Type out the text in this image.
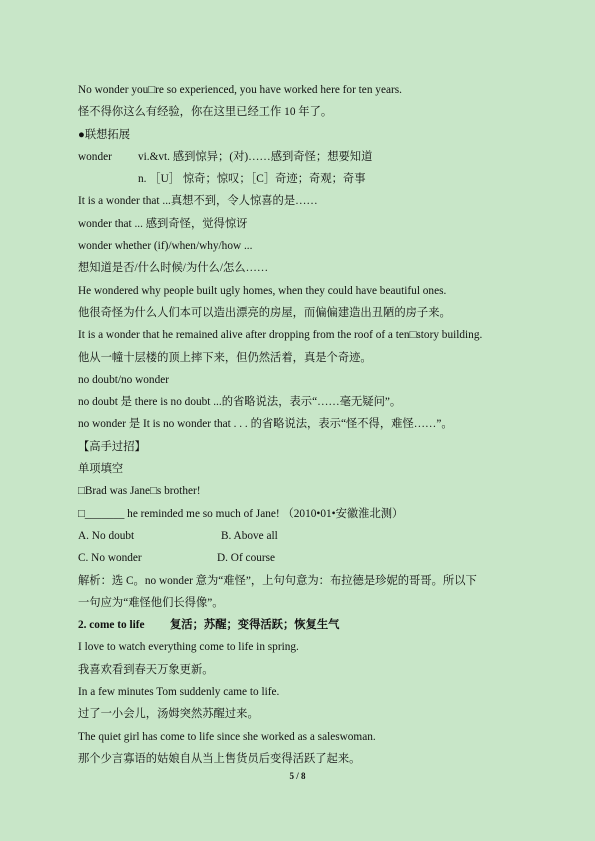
No wonder you□re so experienced, you have worked here for ten years.
怪不得你这么有经验，你在这里已经工作 10 年了。
●联想拓展
wonder vi.&vt. 感到惊异；(对)……感到奇怪；想要知道
n. ［U］ 惊奇；惊叹；［C］奇迹；奇观；奇事
It is a wonder that ...真想不到，令人惊喜的是……
wonder that ... 感到奇怪，觉得惊讶
wonder whether (if)/when/why/how ...
想知道是否/什么时候/为什么/怎么……
He wondered why people built ugly homes, when they could have beautiful ones.
他很奇怪为什么人们本可以造出漂亮的房屋，而偏偏建造出丑陋的房子来。
It is a wonder that he remained alive after dropping from the roof of a ten□story building.
他从一幢十层楼的顶上摔下来，但仍然活着，真是个奇迹。
no doubt/no wonder
no doubt 是 there is no doubt ...的省略说法，表示“……毫无疑问”。
no wonder 是 It is no wonder that . . . 的省略说法，表示“怪不得，难怪……”。
【高手过招】
单项填空
□Brad was Jane□s brother!
□_______ he reminded me so much of Jane! （2010•01•安徽淮北测）
A. No doubt	B. Above all
C. No wonder	D. Of course
解析：选 C。no wonder 意为“难怪”，上句句意为：布拉德是珍妮的哥哥。所以下
一句应为“难怪他们长得像”。
2. come to life 复活；苏醒；变得活跃；恢复生气
I love to watch everything come to life in spring.
我喜欢看到春天万象更新。
In a few minutes Tom suddenly came to life.
过了一小会儿，汤姆突然苏醒过来。
The quiet girl has come to life since she worked as a saleswoman.
那个少言寡语的姑娘自从当上售货员后变得活跃了起来。
5 / 8
